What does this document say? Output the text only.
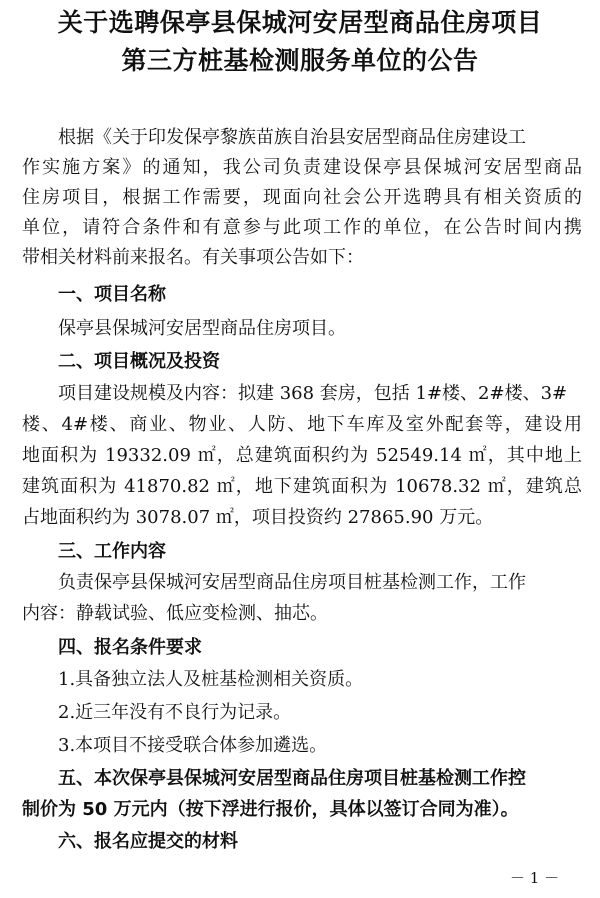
关于选聘保亭县保城河安居型商品住房项目
第三方桩基检测服务单位的公告
根据《关于印发保亭黎族苗族自治县安居型商品住房建设工
作实施方案》的通知，我公司负责建设保亭县保城河安居型商品
住房项目，根据工作需要，现面向社会公开选聘具有相关资质的
单位，请符合条件和有意参与此项工作的单位，在公告时间内携
带相关材料前来报名。有关事项公告如下：
一、项目名称
保亭县保城河安居型商品住房项目。
二、项目概况及投资
项目建设规模及内容：拟建 368 套房，包括 1#楼、2#楼、3#
楼、4#楼、商业、物业、人防、地下车库及室外配套等，建设用
地面积为 19332.09 ㎡，总建筑面积约为 52549.14 ㎡，其中地上
建筑面积为 41870.82 ㎡，地下建筑面积为 10678.32 ㎡，建筑总
占地面积约为 3078.07 ㎡，项目投资约 27865.90 万元。
三、工作内容
负责保亭县保城河安居型商品住房项目桩基检测工作，工作
内容：静载试验、低应变检测、抽芯。
四、报名条件要求
1.具备独立法人及桩基检测相关资质。
2.近三年没有不良行为记录。
3.本项目不接受联合体参加遴选。
五、本次保亭县保城河安居型商品住房项目桩基检测工作控
制价为 50 万元内（按下浮进行报价，具体以签订合同为准）。
六、报名应提交的材料
－ 1 －
